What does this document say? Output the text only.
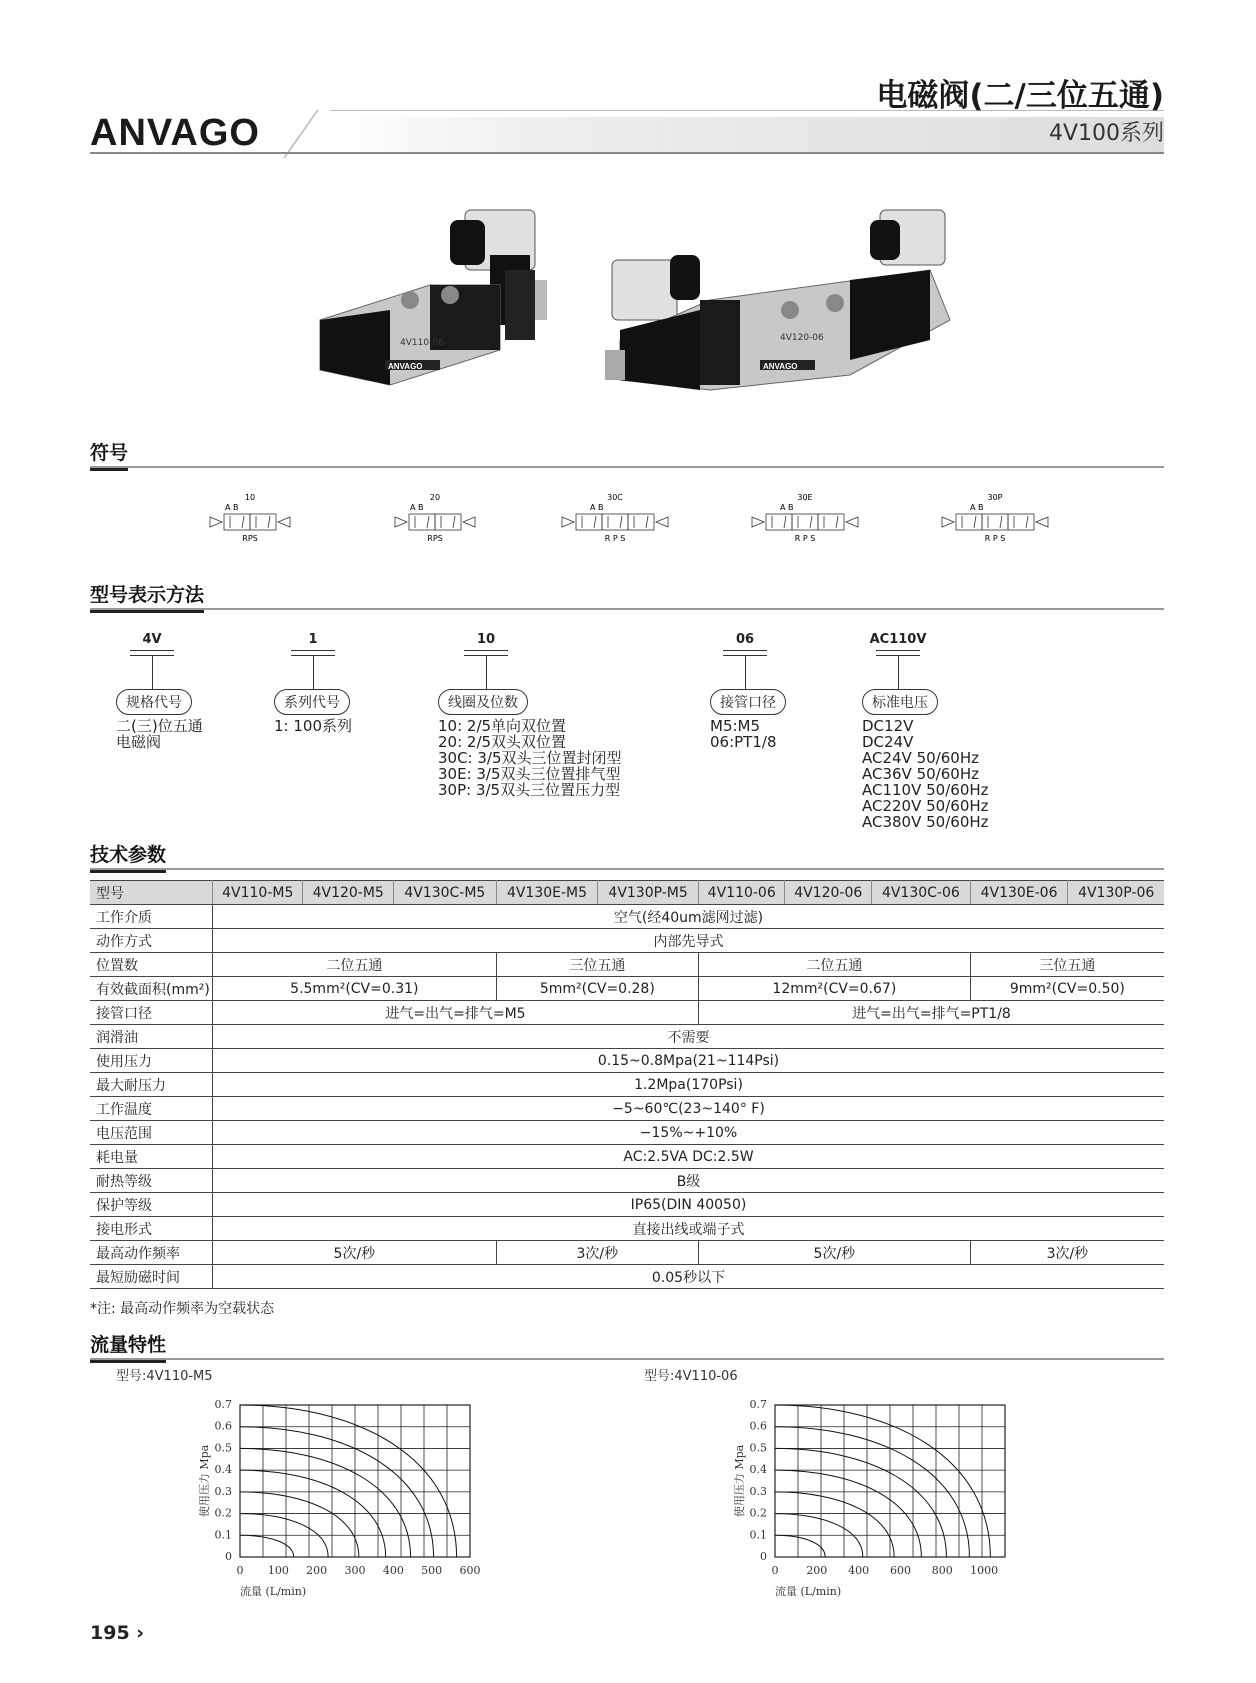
ANVAGO
电磁阀(二/三位五通)
4V100系列
4V110-06
ANVAGO
4V120-06
ANVAGO
符号
10
A B
RPS
20
A B
RPS
30C
A B
R P S
30E
A B
R P S
30P
A B
R P S
型号表示方法
4V
规格代号
二(三)位五通
电磁阀
1
系列代号
1: 100系列
10
线圈及位数
10: 2/5单向双位置
20: 2/5双头双位置
30C: 3/5双头三位置封闭型
30E: 3/5双头三位置排气型
30P: 3/5双头三位置压力型
06
接管口径
M5:M5
06:PT1/8
AC110V
标准电压
DC12V
DC24V
AC24V 50/60Hz
AC36V 50/60Hz
AC110V 50/60Hz
AC220V 50/60Hz
AC380V 50/60Hz
技术参数
型号	4V110-M5	4V120-M5	4V130C-M5	4V130E-M5	4V130P-M5	4V110-06	4V120-06	4V130C-06	4V130E-06	4V130P-06
工作介质	空气(经40um滤网过滤)									
动作方式	内部先导式									
位置数	二位五通			三位五通		二位五通			三位五通	
有效截面积(mm²)	5.5mm²(CV=0.31)			5mm²(CV=0.28)		12mm²(CV=0.67)			9mm²(CV=0.50)	
接管口径	进气=出气=排气=M5					进气=出气=排气=PT1/8				
润滑油	不需要									
使用压力	0.15~0.8Mpa(21~114Psi)									
最大耐压力	1.2Mpa(170Psi)									
工作温度	−5~60℃(23~140° F)									
电压范围	−15%~+10%									
耗电量	AC:2.5VA DC:2.5W									
耐热等级	B级									
保护等级	IP65(DIN 40050)									
接电形式	直接出线或端子式									
最高动作频率	5次/秒			3次/秒		5次/秒			3次/秒	
最短励磁时间	0.05秒以下									
*注: 最高动作频率为空载状态
流量特性
型号:4V110-M5	型号:4V110-06
0
0.1
0.2
0.3
0.4
0.5
0.6
0.7
0 100 200 300 400 500 600
流量 (L/min)
使用压力 Mpa
0
0.1
0.2
0.3
0.4
0.5
0.6
0.7
0	200 400 600 800 1000
流量 (L/min)
使用压力 Mpa
195 ›
